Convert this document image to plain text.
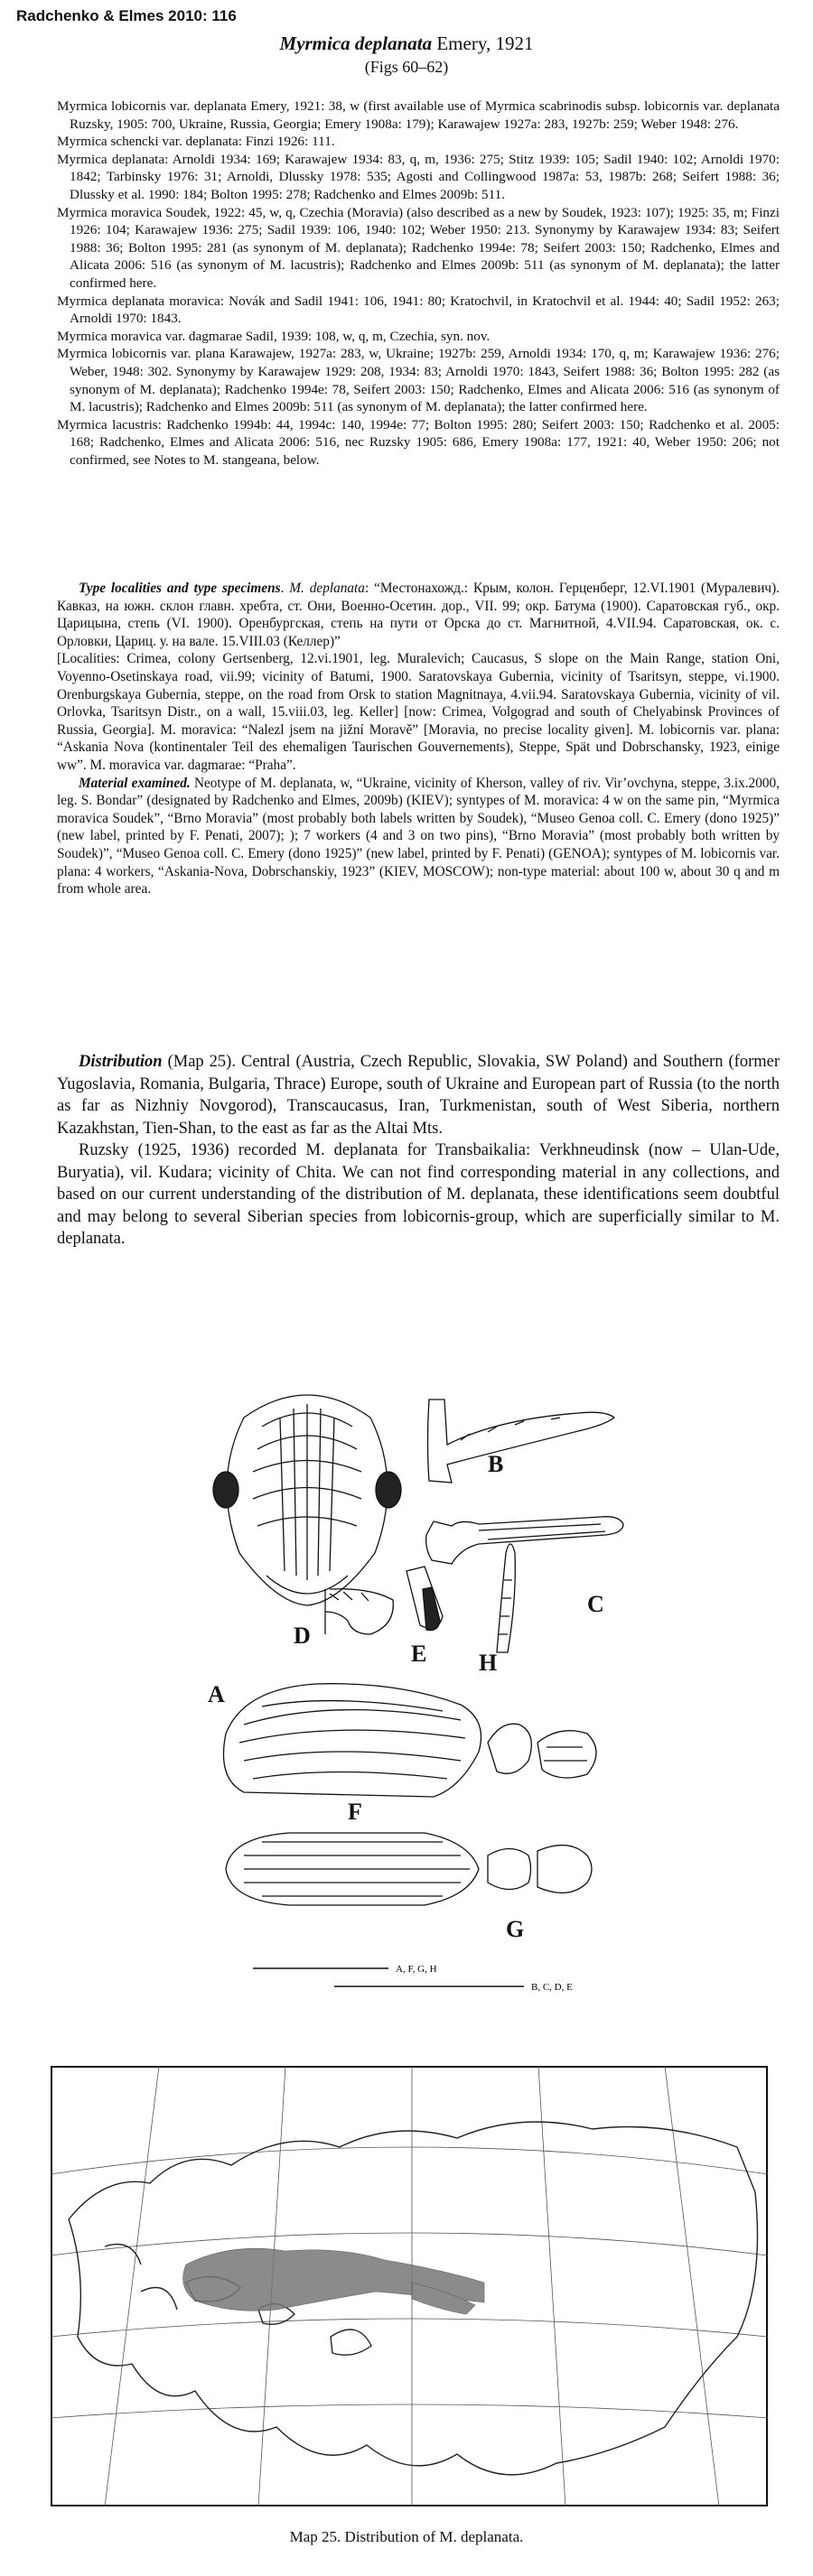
Radchenko & Elmes 2010: 116
Myrmica deplanata Emery, 1921
(Figs 60–62)

Myrmica lobicornis var. deplanata Emery, 1921: 38, w (first available use of Myrmica scabrinodis subsp. lobicornis var. deplanata Ruzsky, 1905: 700, Ukraine, Russia, Georgia; Emery 1908a: 179); Karawajew 1927a: 283, 1927b: 259; Weber 1948: 276.

Myrmica schencki var. deplanata: Finzi 1926: 111.

Myrmica deplanata: Arnoldi 1934: 169; Karawajew 1934: 83, q, m, 1936: 275; Stitz 1939: 105; Sadil 1940: 102; Arnoldi 1970: 1842; Tarbinsky 1976: 31; Arnoldi, Dlussky 1978: 535; Agosti and Collingwood 1987a: 53, 1987b: 268; Seifert 1988: 36; Dlussky et al. 1990: 184; Bolton 1995: 278; Radchenko and Elmes 2009b: 511.

Myrmica moravica Soudek, 1922: 45, w, q, Czechia (Moravia) (also described as a new by Soudek, 1923: 107); 1925: 35, m; Finzi 1926: 104; Karawajew 1936: 275; Sadil 1939: 106, 1940: 102; Weber 1950: 213. Synonymy by Karawajew 1934: 83; Seifert 1988: 36; Bolton 1995: 281 (as synonym of M. deplanata); Radchenko 1994e: 78; Seifert 2003: 150; Radchenko, Elmes and Alicata 2006: 516 (as synonym of M. lacustris); Radchenko and Elmes 2009b: 511 (as synonym of M. deplanata); the latter confirmed here.

Myrmica deplanata moravica: Novák and Sadil 1941: 106, 1941: 80; Kratochvil, in Kratochvil et al. 1944: 40; Sadil 1952: 263; Arnoldi 1970: 1843.

Myrmica moravica var. dagmarae Sadil, 1939: 108, w, q, m, Czechia, syn. nov.

Myrmica lobicornis var. plana Karawajew, 1927a: 283, w, Ukraine; 1927b: 259, Arnoldi 1934: 170, q, m; Karawajew 1936: 276; Weber, 1948: 302. Synonymy by Karawajew 1929: 208, 1934: 83; Arnoldi 1970: 1843, Seifert 1988: 36; Bolton 1995: 282 (as synonym of M. deplanata); Radchenko 1994e: 78, Seifert 2003: 150; Radchenko, Elmes and Alicata 2006: 516 (as synonym of M. lacustris); Radchenko and Elmes 2009b: 511 (as synonym of M. deplanata); the latter confirmed here.

Myrmica lacustris: Radchenko 1994b: 44, 1994c: 140, 1994e: 77; Bolton 1995: 280; Seifert 2003: 150; Radchenko et al. 2005: 168; Radchenko, Elmes and Alicata 2006: 516, nec Ruzsky 1905: 686, Emery 1908a: 177, 1921: 40, Weber 1950: 206; not confirmed, see Notes to M. stangeana, below.

Type localities and type specimens. M. deplanata: “Местонахожд.: Крым, колон. Герценберг, 12.VI.1901 (Муралевич). Кавказ, на южн. склон главн. хребта, ст. Они, Военно-Осетин. дор., VII. 99; окр. Батума (1900). Саратовская губ., окр. Царицына, степь (VI. 1900). Оренбургская, степь на пути от Орска до ст. Магнитной, 4.VII.94. Саратовская, ок. с. Орловки, Цариц. у. на валe. 15.VIII.03 (Келлер)”

[Localities: Crimea, colony Gertsenberg, 12.vi.1901, leg. Muralevich; Caucasus, S slope on the Main Range, station Oni, Voyenno-Osetinskaya road, vii.99; vicinity of Batumi, 1900. Saratovskaya Gubernia, vicinity of Tsaritsyn, steppe, vi.1900. Orenburgskaya Gubernia, steppe, on the road from Orsk to station Magnitnaya, 4.vii.94. Saratovskaya Gubernia, vicinity of vil. Orlovka, Tsaritsyn Distr., on a wall, 15.viii.03, leg. Keller] [now: Crimea, Volgograd and south of Chelyabinsk Provinces of Russia, Georgia]. M. moravica: “Nalezl jsem na jižní Moravě” [Moravia, no precise locality given]. M. lobicornis var. plana: “Askania Nova (kontinentaler Teil des ehemaligen Taurischen Gouvernements), Steppe, Spät und Dobrschansky, 1923, einige ww”. M. moravica var. dagmarae: “Praha”.

Material examined. Neotype of M. deplanata, w, “Ukraine, vicinity of Kherson, valley of riv. Vir’ovchyna, steppe, 3.ix.2000, leg. S. Bondar” (designated by Radchenko and Elmes, 2009b) (KIEV); syntypes of M. moravica: 4 w on the same pin, “Myrmica moravica Soudek”, “Brno Moravia” (most probably both labels written by Soudek), “Museo Genoa coll. C. Emery (dono 1925)” (new label, printed by F. Penati, 2007); ); 7 workers (4 and 3 on two pins), “Brno Moravia” (most probably both written by Soudek)”, “Museo Genoa coll. C. Emery (dono 1925)” (new label, printed by F. Penati) (GENOA); syntypes of M. lobicornis var. plana: 4 workers, “Askania-Nova, Dobrschanskiy, 1923” (KIEV, MOSCOW); non-type material: about 100 w, about 30 q and m from whole area.

Distribution (Map 25). Central (Austria, Czech Republic, Slovakia, SW Poland) and Southern (former Yugoslavia, Romania, Bulgaria, Thrace) Europe, south of Ukraine and European part of Russia (to the north as far as Nizhniy Novgorod), Transcaucasus, Iran, Turkmenistan, south of West Siberia, northern Kazakhstan, Tien-Shan, to the east as far as the Altai Mts.

Ruzsky (1925, 1936) recorded M. deplanata for Transbaikalia: Verkhneudinsk (now – Ulan-Ude, Buryatia), vil. Kudara; vicinity of Chita. We can not find corresponding material in any collections, and based on our current understanding of the distribution of M. deplanata, these identifications seem doubtful and may belong to several Siberian species from lobicornis-group, which are superficially similar to M. deplanata.

A
B
C
D
E H
F
G
A, F, G, H
B, C, D, E
Map 25. Distribution of M. deplanata.
